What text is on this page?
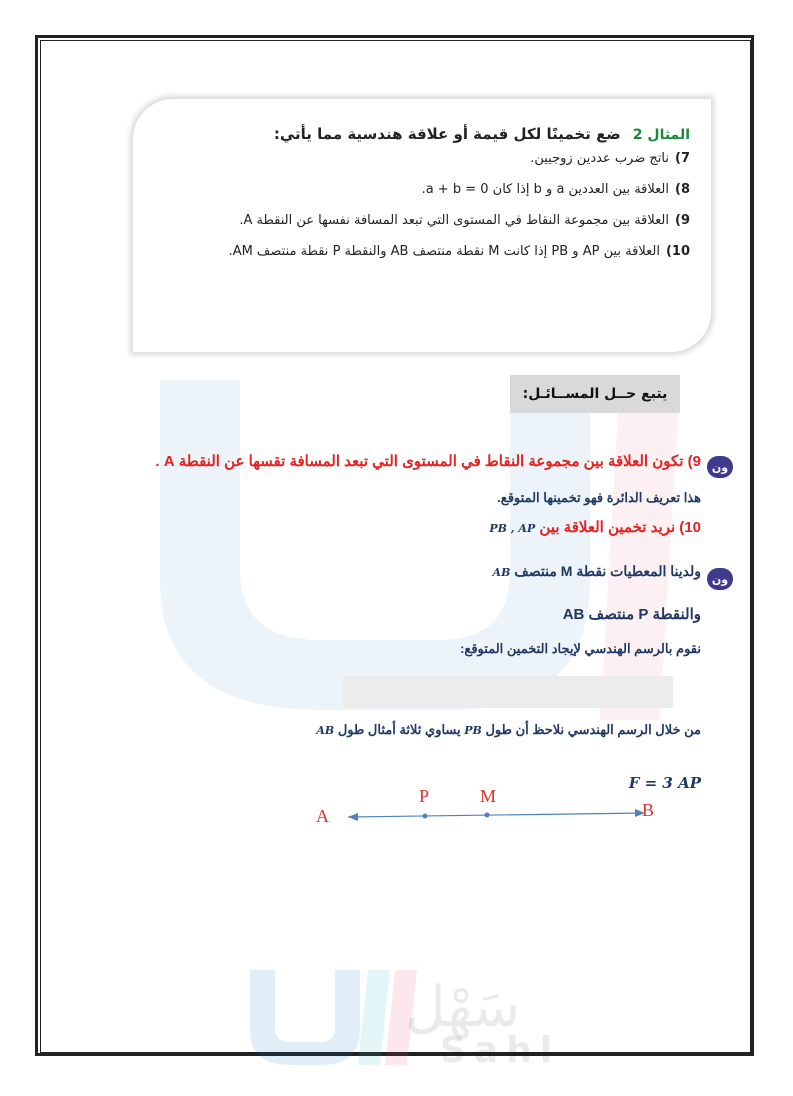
المثال 2
ضع تخمينًا لكل قيمة أو علاقة هندسية مما يأتي:
7)
ناتج ضرب عددين زوجيين.
8)
العلاقة بين العددين a و b إذا كان a + b = 0.
9)
العلاقة بين مجموعة النقاط في المستوى التي تبعد المسافة نفسها عن النقطة A.
10)
العلاقة بين AP و PB إذا كانت M نقطة منتصف AB والنقطة P نقطة منتصف AM.
يتبع حــل المســائـل:
ون
9) تكون العلاقة بين مجموعة النقاط في المستوى التي تبعد المسافة تقسها عن النقطة A .
هذا تعريف الدائرة فهو تخمينها المتوقع.
10) نريد تخمين العلاقة بين PB , AP
ون
ولدينا المعطيات نقطة M منتصف AB
والنقطة P منتصف AB
نقوم بالرسم الهندسي لإيجاد التخمين المتوقع:
من خلال الرسم الهندسي نلاحظ أن طول PB يساوي ثلاثة أمثال طول AB
F = 3 AP
A
P	M
B
سَهْل
Sahl
